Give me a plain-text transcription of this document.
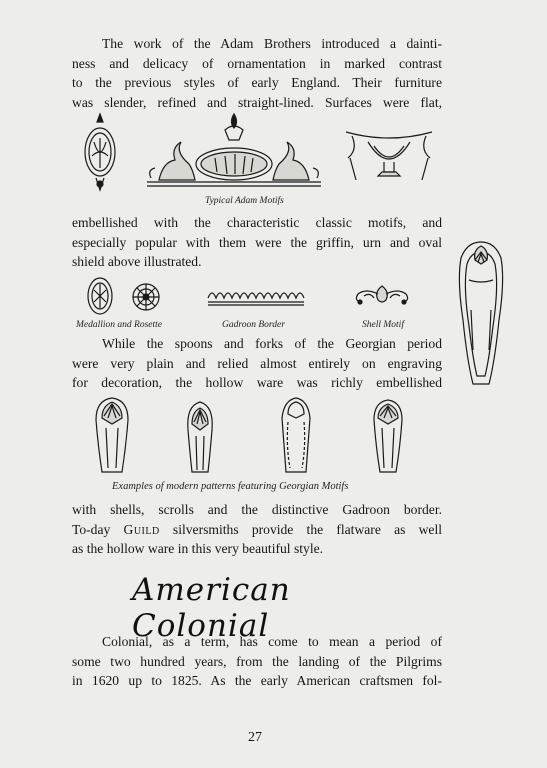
The work of the Adam Brothers introduced a dainti-
ness and delicacy of ornamentation in marked contrast
to the previous styles of early England. Their furniture
was slender, refined and straight-lined. Surfaces were flat,

Typical Adam Motifs

embellished with the characteristic classic motifs, and
especially popular with them were the griffin, urn and oval
shield above illustrated.

Medallion and Rosette	Gadroon Border	Shell Motif

While the spoons and forks of the Georgian period
were very plain and relied almost entirely on engraving
for decoration, the hollow ware was richly embellished

Examples of modern patterns featuring Georgian Motifs

with shells, scrolls and the distinctive Gadroon border.
To-day Guild silversmiths provide the flatware as well
as the hollow ware in this very beautiful style.

American Colonial

Colonial, as a term, has come to mean a period of
some two hundred years, from the landing of the Pilgrims
in 1620 up to 1825. As the early American craftsmen fol-

27
